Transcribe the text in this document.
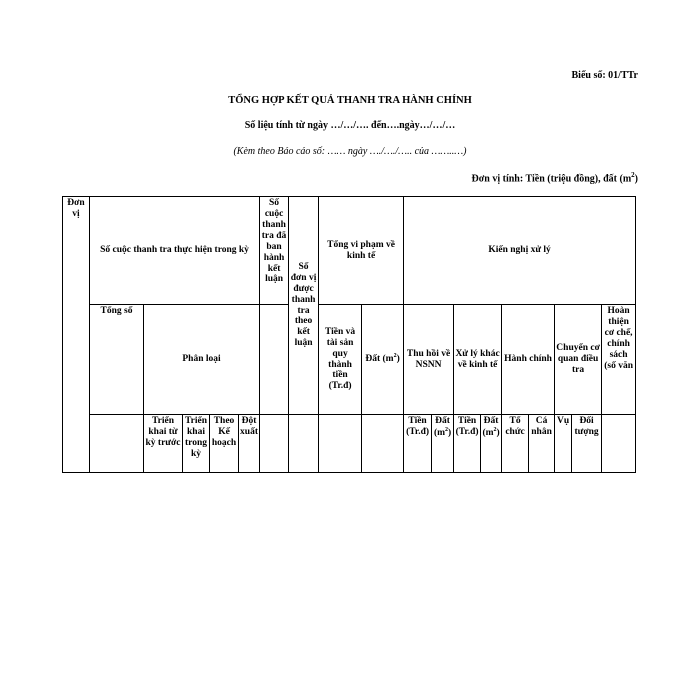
Biểu số: 01/TTr
TỔNG HỢP KẾT QUẢ THANH TRA HÀNH CHÍNH
Số liệu tính từ ngày …/…/…. đến….ngày…/…/…
(Kèm theo Báo cáo số: …… ngày …./…./….. của ……..…)
Đơn vị tính: Tiền (triệu đồng), đất $(m^2)$
Đơn vị	Số cuộc thanh tra thực hiện trong kỳ					Số cuộc thanh tra đã ban hành kết luận	Số đơn vị được thanh tra theo kết luận	Tổng vi phạm về kinh tế		Kiến nghị xử lý								
	Tổng số	Phân loại						Tiền và tài sản quy thành tiền (Tr.đ)	Đất $(m^2)$	Thu hồi về NSNN		Xử lý khác về kinh tế		Hành chính		Chuyển cơ quan điều tra		Hoàn thiện cơ chế, chính sách (số văn
		Triển khai từ kỳ trước	Triển khai trong kỳ	Theo Kế hoạch	Đột xuất					Tiền (Tr.đ)	Đất $(m^2)$	Tiền (Tr.đ)	Đất $(m^2)$	Tổ chức	Cá nhân	Vụ	Đối tượng	
